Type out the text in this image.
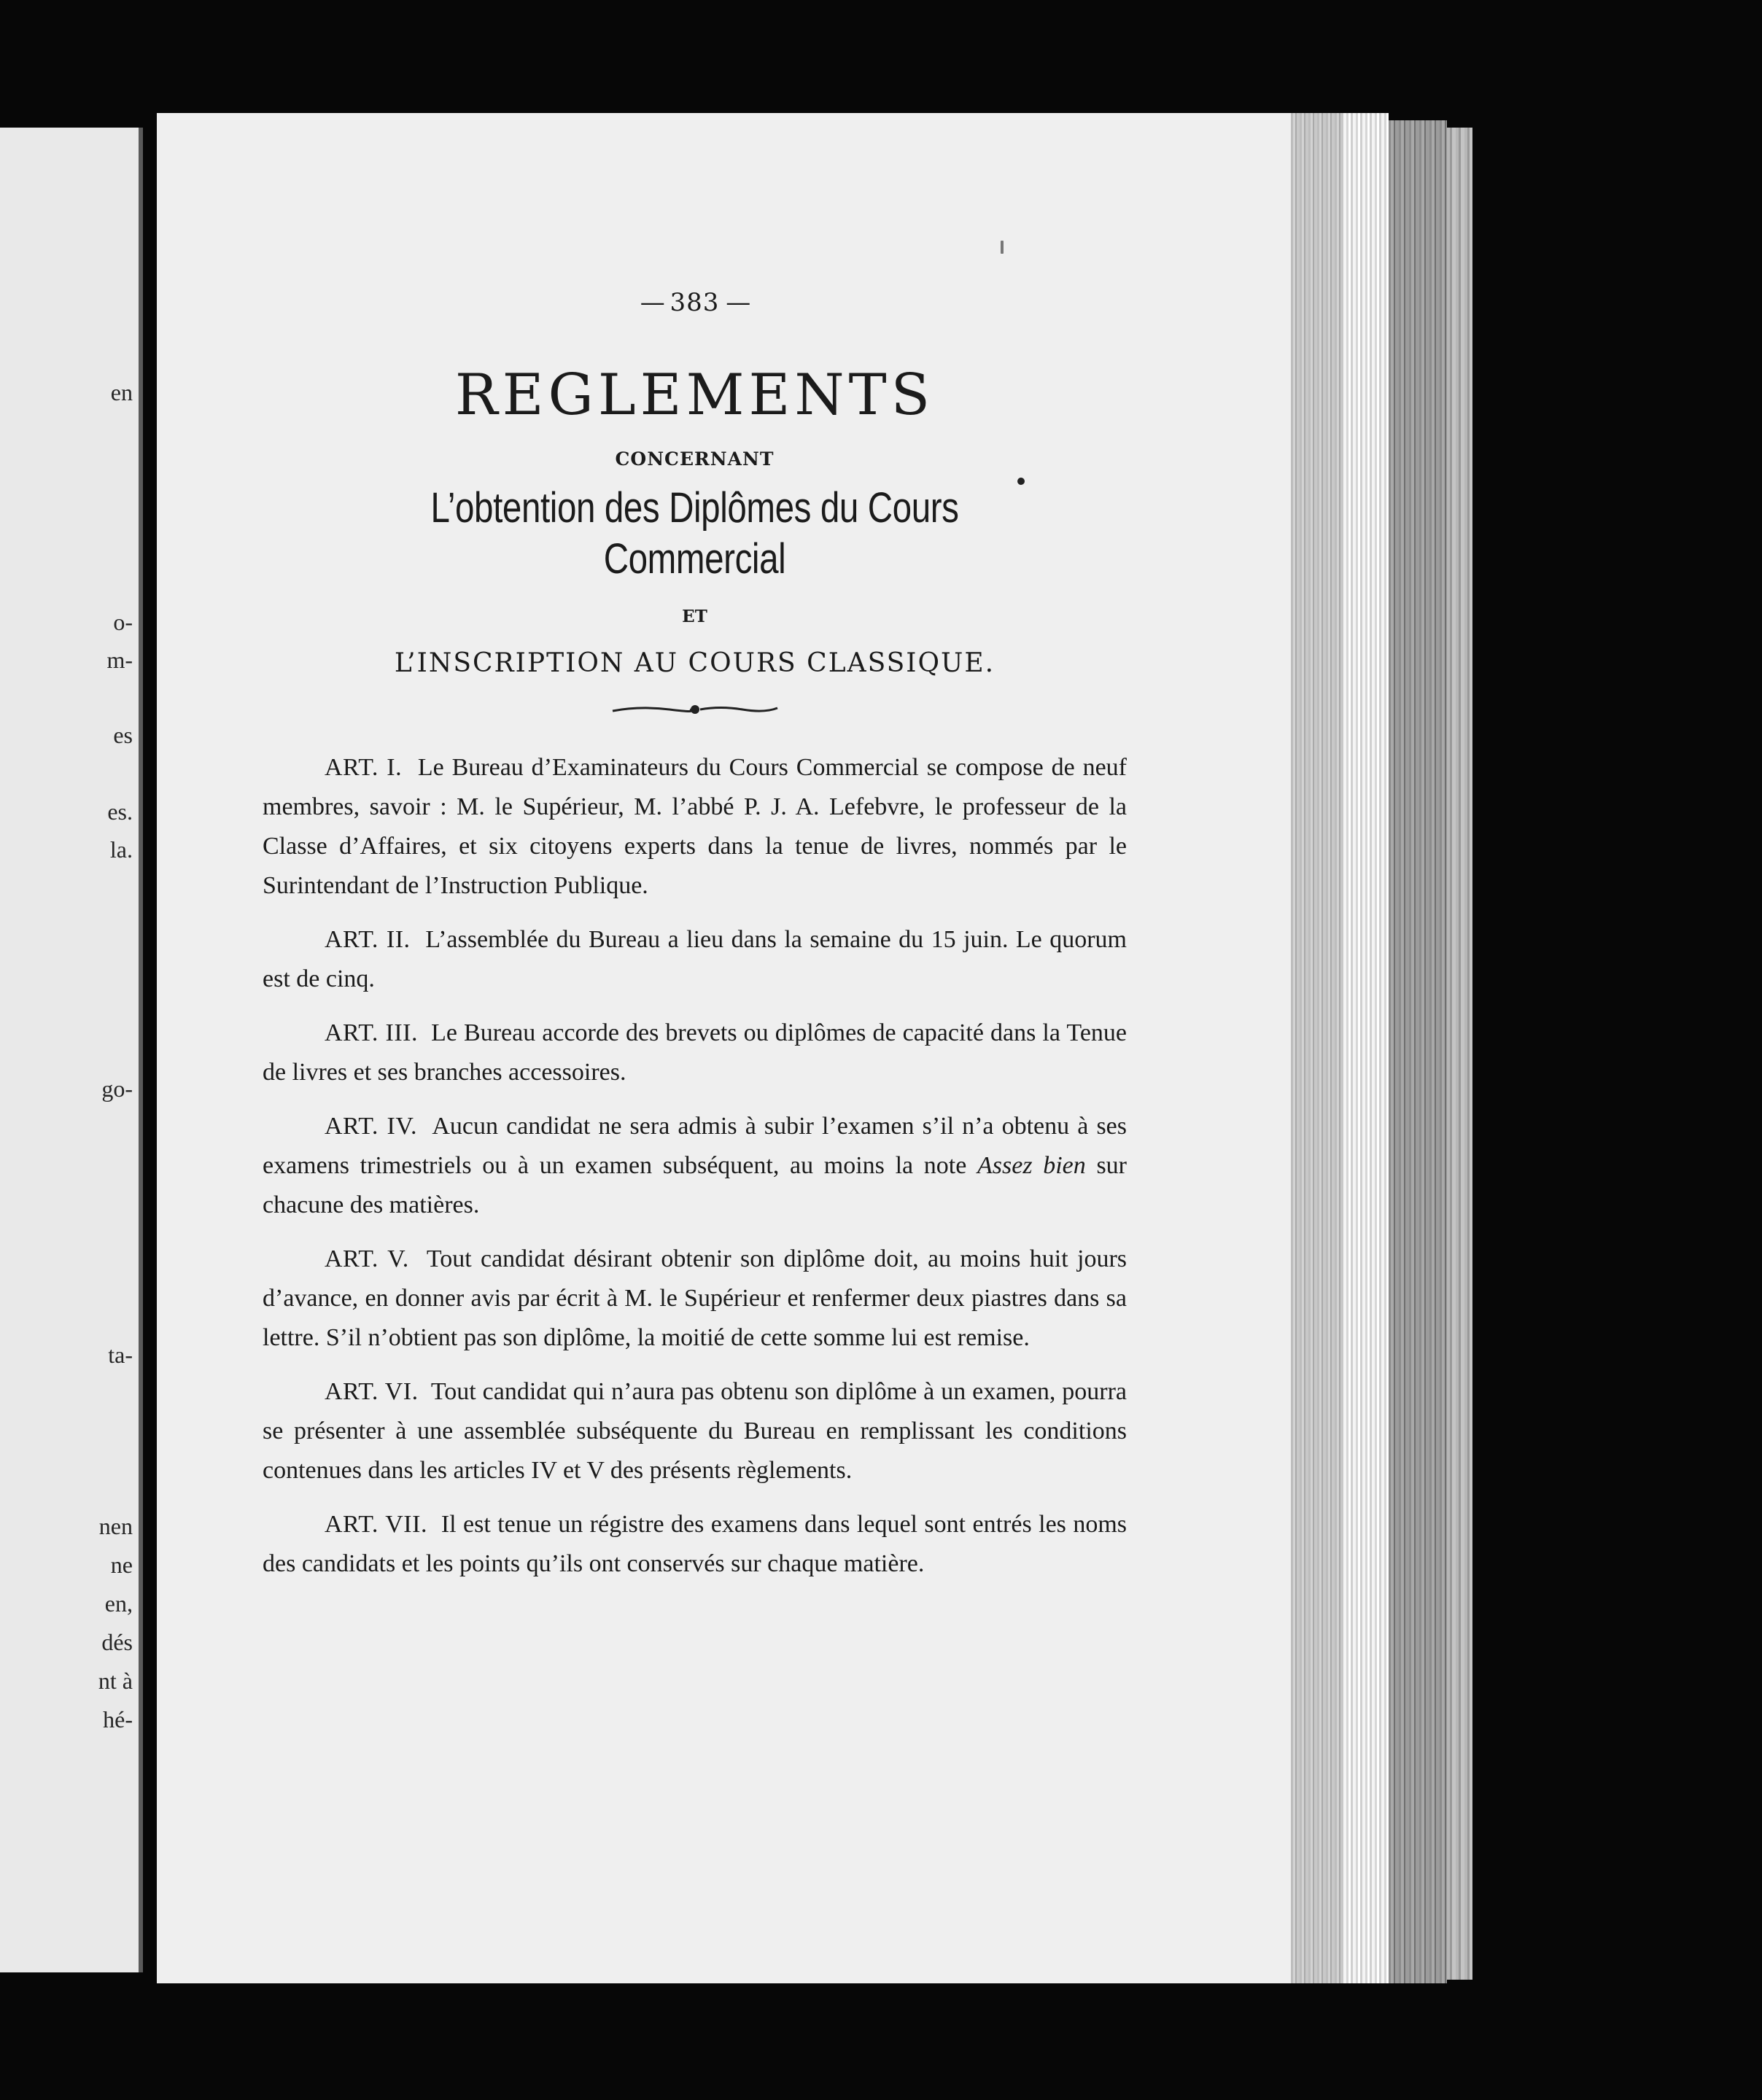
en
o-
m-
es
es.
la.
go-
ta-
nen
ne
en,
dés
nt à
hé-
— 383 —
REGLEMENTS
CONCERNANT
L’obtention des Diplômes du Cours Commercial
ET
L’INSCRIPTION AU COURS CLASSIQUE.

ART. I. Le Bureau d’Examinateurs du Cours Commercial se compose de neuf membres, savoir : M. le Supérieur, M. l’abbé P. J. A. Lefebvre, le professeur de la Classe d’Affaires, et six citoyens experts dans la tenue de livres, nommés par le Surintendant de l’Instruction Publique.

ART. II. L’assemblée du Bureau a lieu dans la semaine du 15 juin. Le quorum est de cinq.

ART. III. Le Bureau accorde des brevets ou diplômes de capacité dans la Tenue de livres et ses branches accessoires.

ART. IV. Aucun candidat ne sera admis à subir l’examen s’il n’a obtenu à ses examens trimestriels ou à un examen subséquent, au moins la note Assez bien sur chacune des matières.

ART. V. Tout candidat désirant obtenir son diplôme doit, au moins huit jours d’avance, en donner avis par écrit à M. le Supérieur et renfermer deux piastres dans sa lettre. S’il n’obtient pas son diplôme, la moitié de cette somme lui est remise.

ART. VI. Tout candidat qui n’aura pas obtenu son diplôme à un examen, pourra se présenter à une assemblée subséquente du Bureau en remplissant les conditions contenues dans les articles IV et V des présents règlements.

ART. VII. Il est tenue un régistre des examens dans lequel sont entrés les noms des candidats et les points qu’ils ont conservés sur chaque matière.
